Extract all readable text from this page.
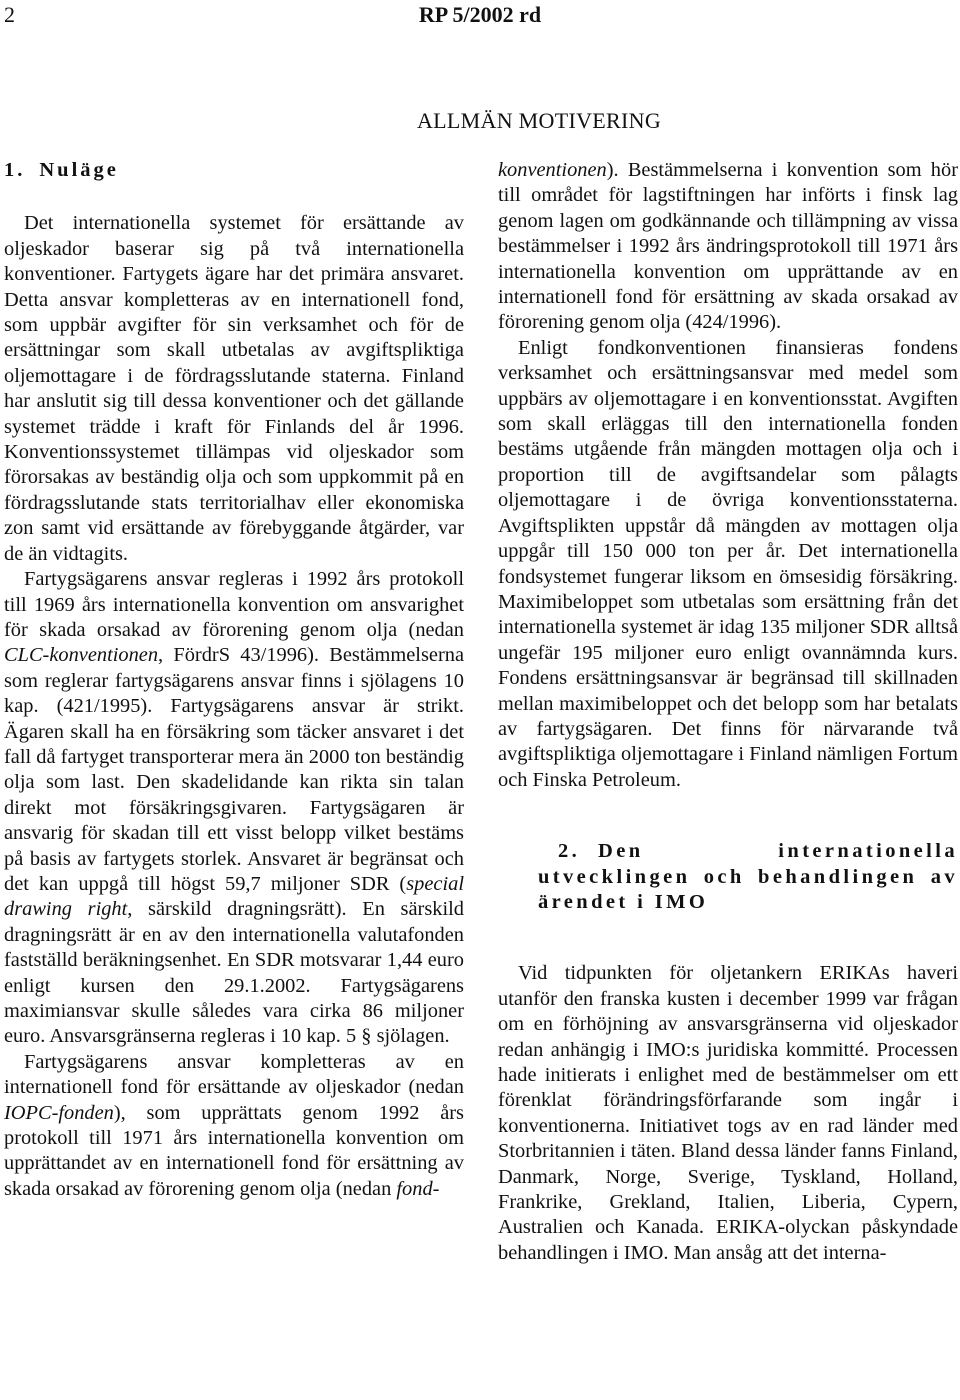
2	RP 5/2002 rd
ALLMÄN MOTIVERING
1. Nuläge

Det internationella systemet för ersättande av oljeskador baserar sig på två internationella konventioner. Fartygets ägare har det primära ansvaret. Detta ansvar kompletteras av en internationell fond, som uppbär avgifter för sin verksamhet och för de ersättningar som skall utbetalas av avgiftspliktiga oljemottagare i de fördragsslutande staterna. Finland har anslutit sig till dessa konventioner och det gällande systemet trädde i kraft för Finlands del år 1996. Konventionssystemet tillämpas vid oljeskador som förorsakas av beständig olja och som uppkommit på en fördragsslutande stats territorialhav eller ekonomiska zon samt vid ersättande av förebyggande åtgärder, var de än vidtagits.

Fartygsägarens ansvar regleras i 1992 års protokoll till 1969 års internationella konvention om ansvarighet för skada orsakad av förorening genom olja (nedan CLC-konventionen, FördrS 43/1996). Bestämmelserna som reglerar fartygsägarens ansvar finns i sjölagens 10 kap. (421/1995). Fartygsägarens ansvar är strikt. Ägaren skall ha en försäkring som täcker ansvaret i det fall då fartyget transporterar mera än 2000 ton beständig olja som last. Den skadelidande kan rikta sin talan direkt mot försäkringsgivaren. Fartygsägaren är ansvarig för skadan till ett visst belopp vilket bestäms på basis av fartygets storlek. Ansvaret är begränsat och det kan uppgå till högst 59,7 miljoner SDR (special drawing right, särskild dragningsrätt). En särskild dragningsrätt är en av den internationella valutafonden fastställd beräkningsenhet. En SDR motsvarar 1,44 euro enligt kursen den 29.1.2002. Fartygsägarens maximiansvar skulle således vara cirka 86 miljoner euro. Ansvarsgränserna regleras i 10 kap. 5 § sjölagen.

Fartygsägarens ansvar kompletteras av en internationell fond för ersättande av oljeskador (nedan IOPC-fonden), som upprättats genom 1992 års protokoll till 1971 års internationella konvention om upprättandet av en internationell fond för ersättning av skada orsakad av förorening genom olja (nedan fond-

konventionen). Bestämmelserna i konvention som hör till området för lagstiftningen har införts i finsk lag genom lagen om godkännande och tillämpning av vissa bestämmelser i 1992 års ändringsprotokoll till 1971 års internationella konvention om upprättande av en internationell fond för ersättning av skada orsakad av förorening genom olja (424/1996).

Enligt fondkonventionen finansieras fondens verksamhet och ersättningsansvar med medel som uppbärs av oljemottagare i en konventionsstat. Avgiften som skall erläggas till den internationella fonden bestäms utgående från mängden mottagen olja och i proportion till de avgiftsandelar som pålagts oljemottagare i de övriga konventionsstaterna. Avgiftsplikten uppstår då mängden av mottagen olja uppgår till 150 000 ton per år. Det internationella fondsystemet fungerar liksom en ömsesidig försäkring. Maximibeloppet som utbetalas som ersättning från det internationella systemet är idag 135 miljoner SDR alltså ungefär 195 miljoner euro enligt ovannämnda kurs. Fondens ersättningsansvar är begränsad till skillnaden mellan maximibeloppet och det belopp som har betalats av fartygsägaren. Det finns för närvarande två avgiftspliktiga oljemottagare i Finland nämligen Fortum och Finska Petroleum.

2. Den internationella utvecklingen och behandlingen av ärendet i IMO

Vid tidpunkten för oljetankern ERIKAs haveri utanför den franska kusten i december 1999 var frågan om en förhöjning av ansvarsgränserna vid oljeskador redan anhängig i IMO:s juridiska kommitté. Processen hade initierats i enlighet med de bestämmelser om ett förenklat förändringsförfarande som ingår i konventionerna. Initiativet togs av en rad länder med Storbritannien i täten. Bland dessa länder fanns Finland, Danmark, Norge, Sverige, Tyskland, Holland, Frankrike, Grekland, Italien, Liberia, Cypern, Australien och Kanada. ERIKA-olyckan påskyndade behandlingen i IMO. Man ansåg att det interna-
